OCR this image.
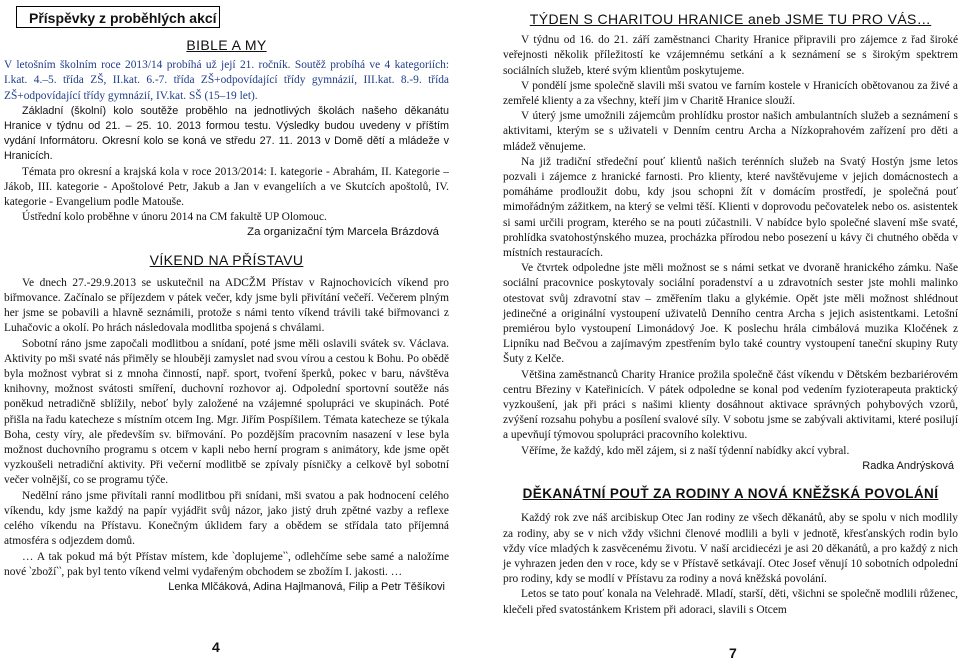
Příspěvky z proběhlých akcí

BIBLE A MY

V letošním školním roce 2013/14 probíhá už její 21. ročník. Soutěž probíhá ve 4 kategoriích: I.kat. 4.–5. třída ZŠ, II.kat. 6.-7. třída ZŠ+odpovídající třídy gymnázií, III.kat. 8.-9. třída ZŠ+odpovídající třídy gymnázií, IV.kat. SŠ (15–19 let).

Základní (školní) kolo soutěže proběhlo na jednotlivých školách našeho děkanátu Hranice v týdnu od 21. – 25. 10. 2013 formou testu. Výsledky budou uvedeny v příštím vydání Informátoru. Okresní kolo se koná ve středu 27. 11. 2013 v Domě dětí a mládeže v Hranicích.

Témata pro okresní a krajská kola v roce 2013/2014: I. kategorie - Abrahám, II. Kategorie – Jákob, III. kategorie - Apoštolové Petr, Jakub a Jan v evangeliích a ve Skutcích apoštolů, IV. kategorie - Evangelium podle Matouše.

Ústřední kolo proběhne v únoru 2014 na CM fakultě UP Olomouc.

Za organizační tým Marcela Brázdová

VÍKEND NA PŘÍSTAVU

Ve dnech 27.-29.9.2013 se uskutečnil na ADCŽM Přístav v Rajnochovicích víkend pro biřmovance. Začínalo se příjezdem v pátek večer, kdy jsme byli přivítání večeří. Večerem plným her jsme se pobavili a hlavně seznámili, protože s námi tento víkend trávili také biřmovanci z Luhačovic a okolí. Po hrách následovala modlitba spojená s chválami.

Sobotní ráno jsme započali modlitbou a snídaní, poté jsme měli oslavili svátek sv. Václava. Aktivity po mši svaté nás přiměly se hlouběji zamyslet nad svou vírou a cestou k Bohu. Po obědě byla možnost vybrat si z mnoha činností, např. sport, tvoření šperků, pokec v baru, návštěva knihovny, možnost svátosti smíření, duchovní rozhovor aj. Odpolední sportovní soutěže nás poněkud netradičně sblížily, neboť byly založené na vzájemné spolupráci ve skupinách. Poté přišla na řadu katecheze s místním otcem Ing. Mgr. Jiřím Pospíšilem. Témata katecheze se týkala Boha, cesty víry, ale především sv. biřmování. Po pozdějším pracovním nasazení v lese byla možnost duchovního programu s otcem v kapli nebo herní program s animátory, kde jsme opět vyzkoušeli netradiční aktivity. Při večerní modlitbě se zpívaly písničky a celkově byl sobotní večer volnější, co se programu týče.

Nedělní ráno jsme přivítali ranní modlitbou při snídani, mši svatou a pak hodnocení celého víkendu, kdy jsme každý na papír vyjádřit svůj názor, jako jistý druh zpětné vazby a reflexe celého víkendu na Přístavu. Konečným úklidem fary a obědem se střídala tato příjemná atmosféra s odjezdem domů.

… A tak pokud má být Přístav místem, kde ‵doplujeme‵‵, odlehčíme sebe samé a naložíme nové ‵zboží‵‵, pak byl tento víkend velmi vydařeným obchodem se zbožím I. jakosti. …

Lenka Mlčáková, Adina Hajlmanová, Filip a Petr Těšíkovi

4

TÝDEN S CHARITOU HRANICE aneb JSME TU PRO VÁS…

V týdnu od 16. do 21. září zaměstnanci Charity Hranice připravili pro zájemce z řad široké veřejnosti několik příležitostí ke vzájemnému setkání a k seznámení se s širokým spektrem sociálních služeb, které svým klientům poskytujeme.

V pondělí jsme společně slavili mši svatou ve farním kostele v Hranicích obětovanou za živé a zemřelé klienty a za všechny, kteří jim v Charitě Hranice slouží.

V úterý jsme umožnili zájemcům prohlídku prostor našich ambulantních služeb a seznámení s aktivitami, kterým se s uživateli v Denním centru Archa a Nízkoprahovém zařízení pro děti a mládež věnujeme.

Na již tradiční středeční pouť klientů našich terénních služeb na Svatý Hostýn jsme letos pozvali i zájemce z hranické farnosti. Pro klienty, které navštěvujeme v jejich domácnostech a pomáháme prodloužit dobu, kdy jsou schopni žít v domácím prostředí, je společná pouť mimořádným zážitkem, na který se velmi těší. Klienti v doprovodu pečovatelek nebo os. asistentek si sami určili program, kterého se na pouti zúčastnili. V nabídce bylo společné slavení mše svaté, prohlídka svatohostýnského muzea, procházka přírodou nebo posezení u kávy či chutného oběda v místních restauracích.

Ve čtvrtek odpoledne jste měli možnost se s námi setkat ve dvoraně hranického zámku. Naše sociální pracovnice poskytovaly sociální poradenství a u zdravotních sester jste mohli malinko otestovat svůj zdravotní stav – změřením tlaku a glykémie. Opět jste měli možnost shlédnout jedinečné a originální vystoupení uživatelů Denního centra Archa s jejich asistentkami. Letošní premiérou bylo vystoupení Limonádový Joe. K poslechu hrála cimbálová muzika Kločének z Lipníku nad Bečvou a zajímavým zpestřením bylo také country vystoupení taneční skupiny Ruty Šuty z Kelče.

Většina zaměstnanců Charity Hranice prožila společně část víkendu v Dětském bezbariérovém centru Březiny v Kateřinicích. V pátek odpoledne se konal pod vedením fyzioterapeuta praktický vyzkoušení, jak při práci s našimi klienty dosáhnout aktivace správných pohybových vzorů, zvýšení rozsahu pohybu a posílení svalové síly. V sobotu jsme se zabývali aktivitami, které posilují a upevňují týmovou spolupráci pracovního kolektivu.

Věříme, že každý, kdo měl zájem, si z naší týdenní nabídky akcí vybral.

Radka Andrýsková

DĚKANÁTNÍ POUŤ ZA RODINY A NOVÁ KNĚŽSKÁ POVOLÁNÍ

Každý rok zve náš arcibiskup Otec Jan rodiny ze všech děkanátů, aby se spolu v nich modlily za rodiny, aby se v nich vždy všichni členové modlili a byli v jednotě, křesťanských rodin bylo vždy více mladých k zasvěcenému životu. V naší arcidiecézi je asi 20 děkanátů, a pro každý z nich je vyhrazen jeden den v roce, kdy se v Přístavě setkávají. Otec Josef věnují 10 sobotních odpolední pro rodiny, kdy se modlí v Přístavu za rodiny a nová kněžská povolání.

Letos se tato pouť konala na Velehradě. Mladí, starší, děti, všichni se společně modlili růženec, klečeli před svatostánkem Kristem při adoraci, slavili s Otcem

7
